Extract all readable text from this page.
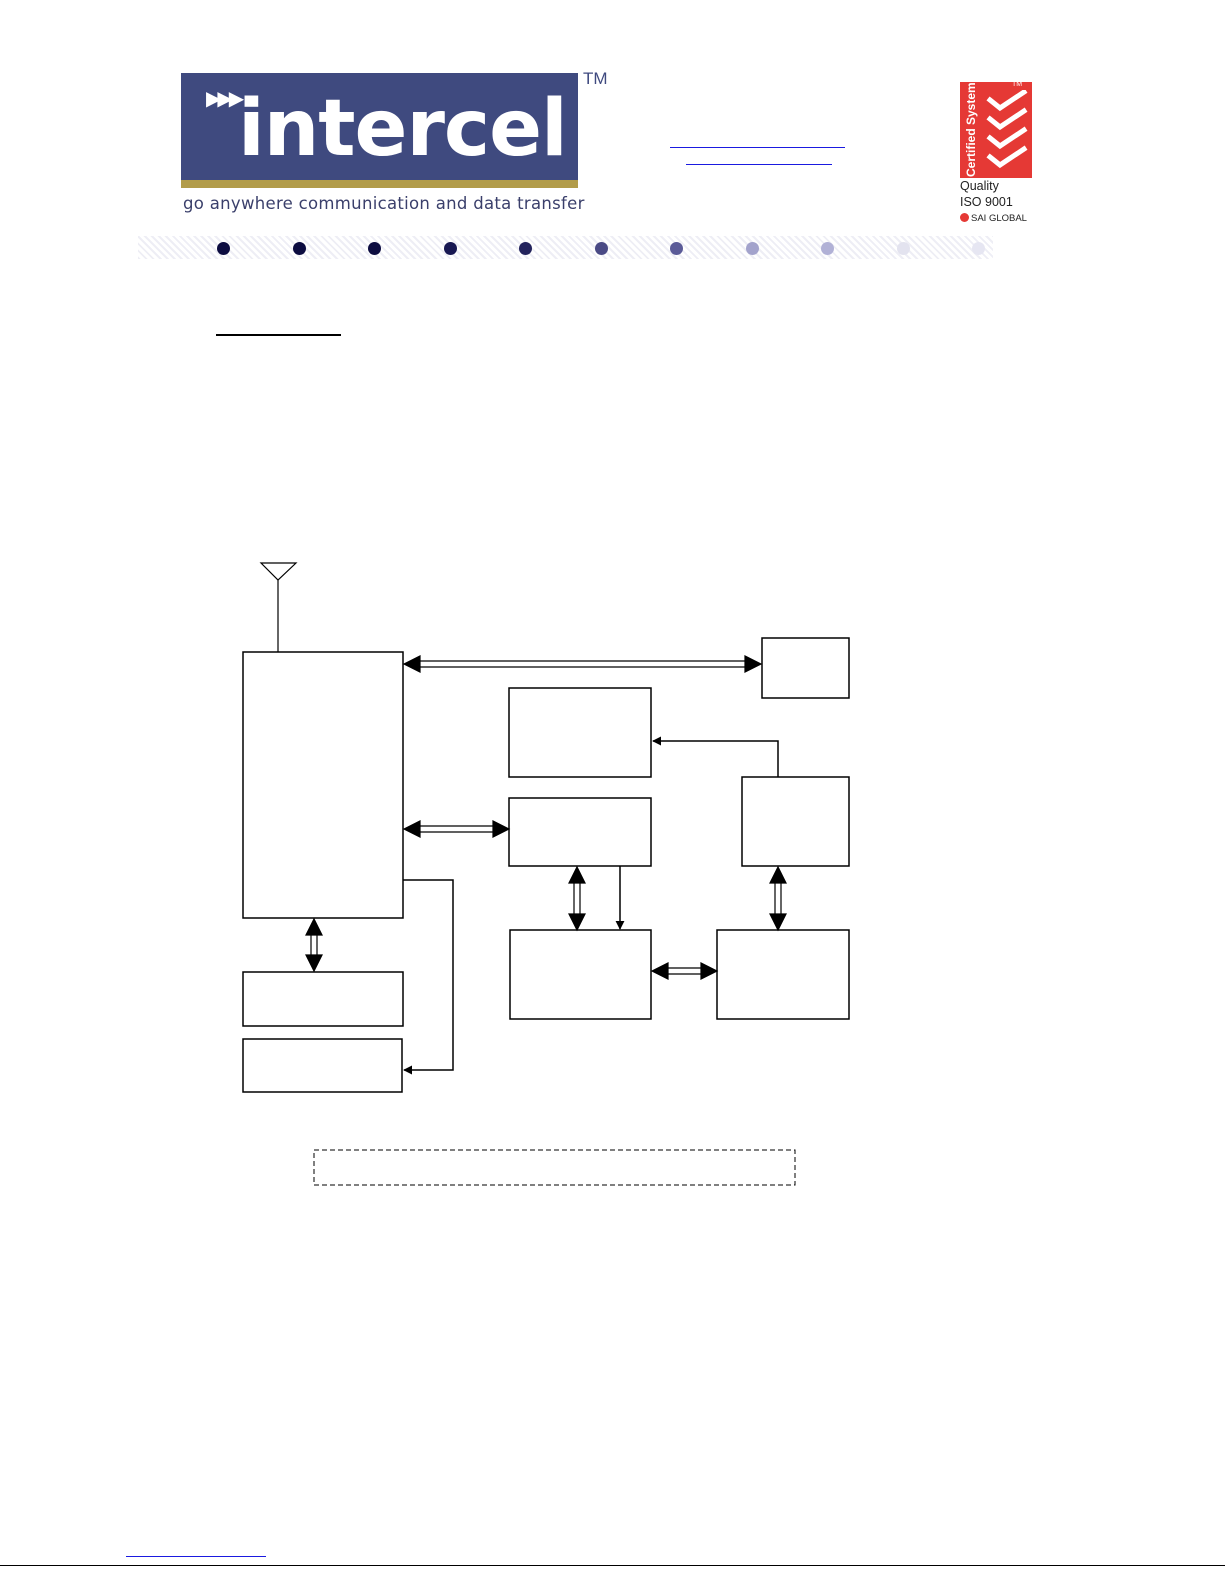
▶▶▶
intercel
TM
go anywhere communication and data transfer
Certified System	TM
Quality
ISO 9001
SAI GLOBAL
